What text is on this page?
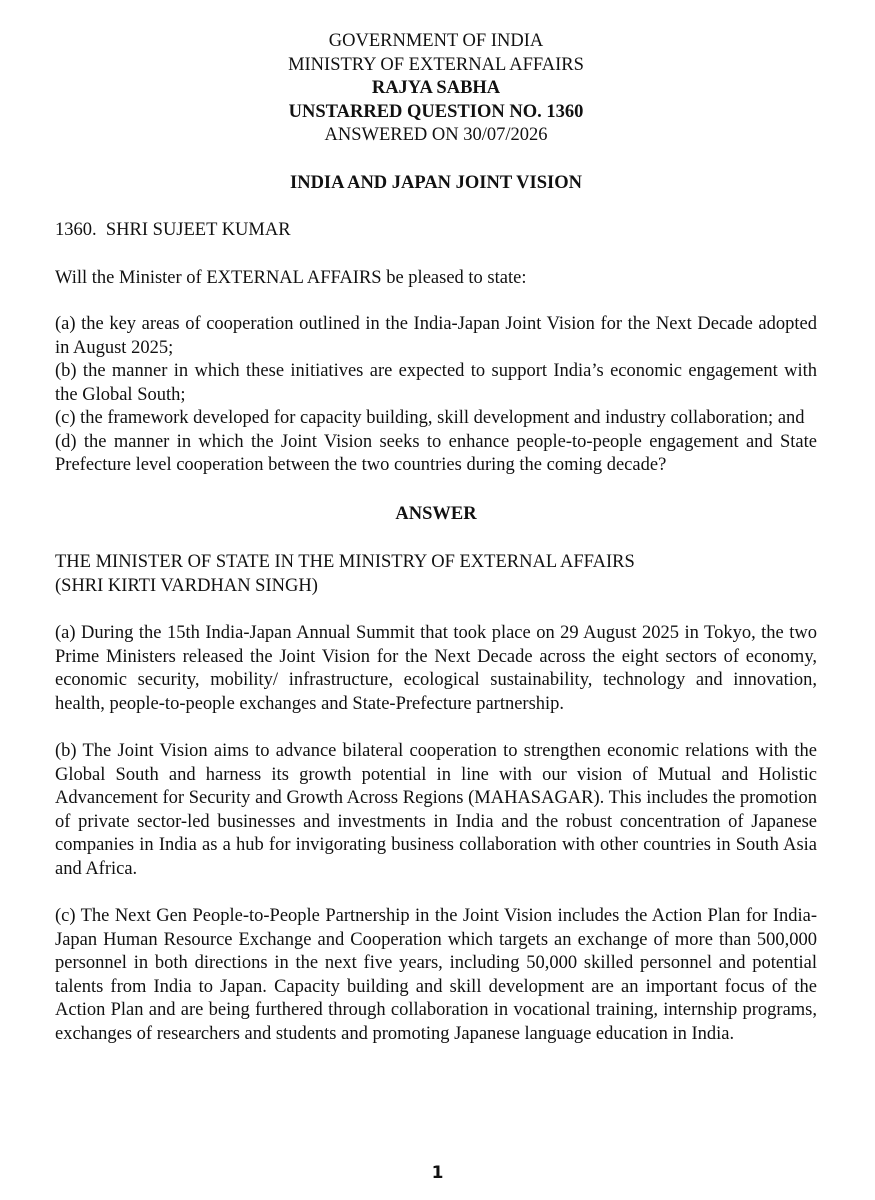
GOVERNMENT OF INDIA
MINISTRY OF EXTERNAL AFFAIRS
RAJYA SABHA
UNSTARRED QUESTION NO. 1360
ANSWERED ON 30/07/2026
INDIA AND JAPAN JOINT VISION
1360.  SHRI SUJEET KUMAR
Will the Minister of EXTERNAL AFFAIRS be pleased to state:

(a) the key areas of cooperation outlined in the India-Japan Joint Vision for the Next Decade adopted in August 2025;

(b) the manner in which these initiatives are expected to support India’s economic engagement with the Global South;

(c) the framework developed for capacity building, skill development and industry collaboration; and

(d) the manner in which the Joint Vision seeks to enhance people-to-people engagement and State Prefecture level cooperation between the two countries during the coming decade?

ANSWER
THE MINISTER OF STATE IN THE MINISTRY OF EXTERNAL AFFAIRS
(SHRI KIRTI VARDHAN SINGH)

(a) During the 15th India-Japan Annual Summit that took place on 29 August 2025 in Tokyo, the two Prime Ministers released the Joint Vision for the Next Decade across the eight sectors of economy, economic security, mobility/ infrastructure, ecological sustainability, technology and innovation, health, people-to-people exchanges and State-Prefecture partnership.

(b) The Joint Vision aims to advance bilateral cooperation to strengthen economic relations with the Global South and harness its growth potential in line with our vision of Mutual and Holistic Advancement for Security and Growth Across Regions (MAHASAGAR). This includes the promotion of private sector-led businesses and investments in India and the robust concentration of Japanese companies in India as a hub for invigorating business collaboration with other countries in South Asia and Africa.

(c) The Next Gen People-to-People Partnership in the Joint Vision includes the Action Plan for India-Japan Human Resource Exchange and Cooperation which targets an exchange of more than 500,000 personnel in both directions in the next five years, including 50,000 skilled personnel and potential talents from India to Japan. Capacity building and skill development are an important focus of the Action Plan and are being furthered through collaboration in vocational training, internship programs, exchanges of researchers and students and promoting Japanese language education in India.

1
